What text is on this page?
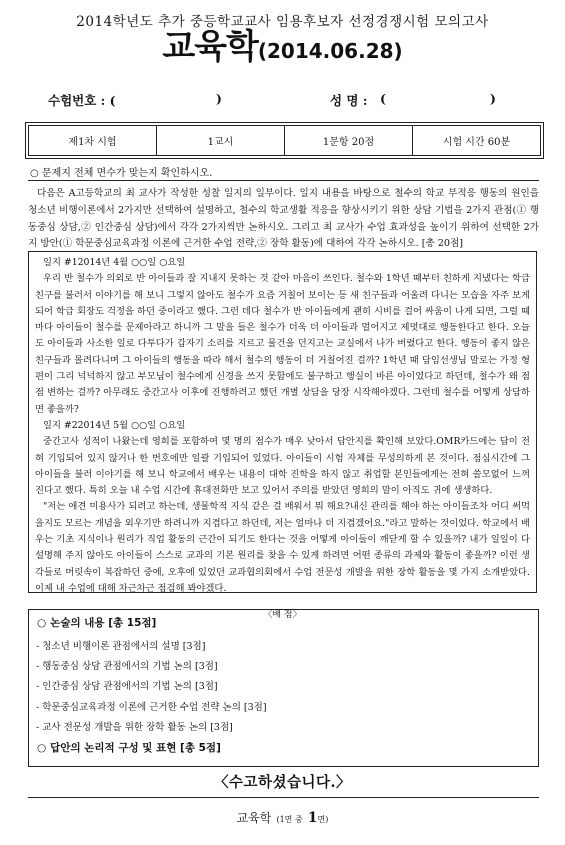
2014학년도 추가 중등학교교사 임용후보자 선정경쟁시험 모의고사
교육학(2014.06.28)
수험번호 : (	)	성 명 : (	)
제1차 시험	1교시	1문항 20점	시험 시간 60분
○ 문제지 전체 면수가 맞는지 확인하시오.
다음은 A고등학교의 최 교사가 작성한 성찰 일지의 일부이다. 일지 내용을 바탕으로 철수의 학교 부적응 행동의 원인을 청소년 비행이론에서 2가지만 선택하여 설명하고, 철수의 학교생활 적응을 향상시키기 위한 상담 기법을 2가지 관점(① 행동중심 상담,② 인간중심 상담)에서 각각 2가지씩만 논하시오. 그리고 최 교사가 수업 효과성을 높이기 위하여 선택한 2가지 방안(① 학문중심교육과정 이론에 근거한 수업 전략,② 장학 활동)에 대하여 각각 논하시오. [총 20점]

일지 #12014년 4월 ○○일 ○요일

우리 반 철수가 의외로 반 아이들과 잘 지내지 못하는 것 같아 마음이 쓰인다. 철수와 1학년 때부터 친하게 지냈다는 학급 친구를 불러서 이야기를 해 보니 그렇지 않아도 철수가 요즘 거칠어 보이는 등 새 친구들과 어울려 다니는 모습을 자주 보게 되어 학급 회장도 걱정을 하던 중이라고 했다. 그런 데다 철수가 반 아이들에게 괜히 시비를 걸어 싸움이 나게 되면, 그럴 때마다 아이들이 철수를 문제아라고 하니까 그 말을 들은 철수가 더욱 더 아이들과 멀어지고 제멋대로 행동한다고 한다. 오늘도 아이들과 사소한 일로 다투다가 갑자기 소리를 지르고 물건을 던지고는 교실에서 나가 버렸다고 한다. 행동이 좋지 않은 친구들과 몰려다니며 그 아이들의 행동을 따라 해서 철수의 행동이 더 거칠어진 걸까? 1학년 때 담임선생님 말로는 가정 형편이 그리 넉넉하지 않고 부모님이 철수에게 신경을 쓰지 못함에도 불구하고 행실이 바른 아이였다고 하던데, 철수가 왜 점점 변하는 걸까? 아무래도 중간고사 이후에 진행하려고 했던 개별 상담을 당장 시작해야겠다. 그런데 철수를 어떻게 상담하면 좋을까?

일지 #22014년 5월 ○○일 ○요일

중간고사 성적이 나왔는데 영희를 포함하여 몇 명의 점수가 매우 낮아서 답안지를 확인해 보았다.OMR카드에는 답이 전혀 기입되어 있지 않거나 한 번호에만 일괄 기입되어 있었다. 아이들이 시험 자체를 무성의하게 본 것이다. 점심시간에 그 아이들을 불러 이야기를 해 보니 학교에서 배우는 내용이 대학 진학을 하지 않고 취업할 본인들에게는 전혀 쓸모없어 느껴진다고 했다. 특히 오늘 내 수업 시간에 휴대전화만 보고 있어서 주의를 받았던 영희의 말이 아직도 귀에 생생하다.

"저는 애견 미용사가 되려고 하는데, 생물학적 지식 같은 걸 배워서 뭐 해요?내신 관리를 해야 하는 아이들조차 어디 써먹을지도 모르는 개념을 외우기만 하려니까 지겹다고 하던데, 저는 얼마나 더 지겹겠어요."라고 말하는 것이었다. 학교에서 배우는 기초 지식이나 원리가 직업 활동의 근간이 되기도 한다는 것을 어떻게 아이들이 깨닫게 할 수 있을까? 내가 일일이 다 설명해 주지 않아도 아이들이 스스로 교과의 기본 원리를 찾을 수 있게 하려면 어떤 종류의 과제와 활동이 좋을까? 이런 생각들로 머릿속이 복잡하던 중에, 오후에 있었던 교과협의회에서 수업 전문성 개발을 위한 장학 활동을 몇 가지 소개받았다. 이제 내 수업에 대해 차근차근 점검해 봐야겠다.

〈배 점〉
○ 논술의 내용 [총 15점]
- 청소년 비행이론 관점에서의 설명 [3점]
- 행동중심 상담 관점에서의 기법 논의 [3점]
- 인간중심 상담 관점에서의 기법 논의 [3점]
- 학문중심교육과정 이론에 근거한 수업 전략 논의 [3점]
- 교사 전문성 개발을 위한 장학 활동 논의 [3점]
○ 답안의 논리적 구성 및 표현 [총 5점]
〈수고하셨습니다.〉
교육학 (1면 중 1면)
